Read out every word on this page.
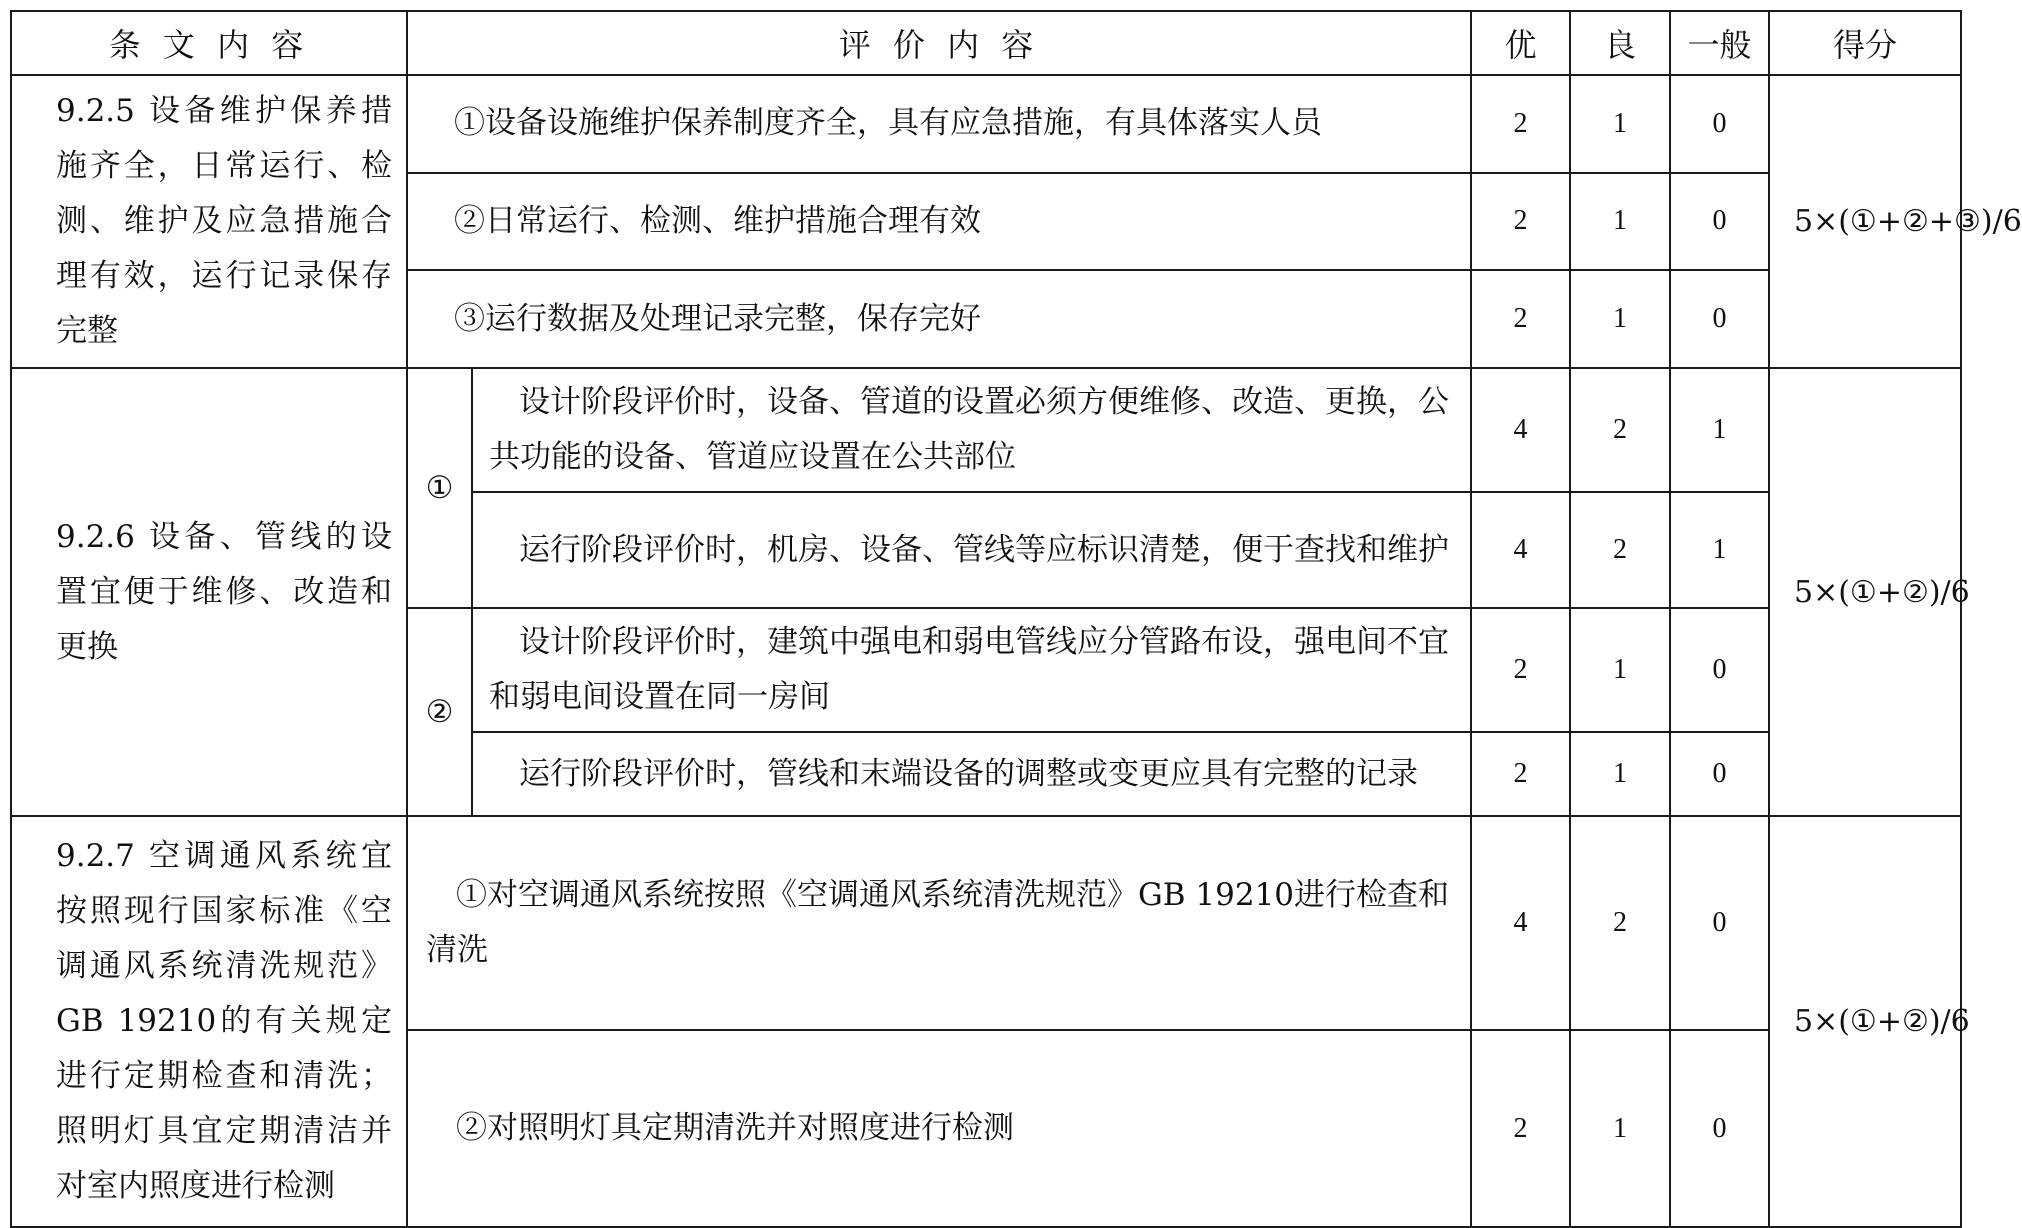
条 文 内 容	评 价 内 容		优	良	一般	得分

9.2.5 设备维护保养措施齐全，日常运行、检测、维护及应急措施合理有效，运行记录保存完整	①设备设施维护保养制度齐全，具有应急措施，有具体落实人员		2	1	0	5×(①+②+③)/6

	②日常运行、检测、维护措施合理有效		2	1	0	
	③运行数据及处理记录完整，保存完好		2	1	0	

9.2.6 设备、管线的设置宜便于维修、改造和更换	①	设计阶段评价时，设备、管道的设置必须方便维修、改造、更换，公共功能的设备、管道应设置在公共部位	4	2	1	5×(①+②)/6

		运行阶段评价时，机房、设备、管线等应标识清楚，便于查找和维护	4	2	1	
	②	设计阶段评价时，建筑中强电和弱电管线应分管路布设，强电间不宜和弱电间设置在同一房间	2	1	0	
		运行阶段评价时，管线和末端设备的调整或变更应具有完整的记录	2	1	0	

9.2.7 空调通风系统宜按照现行国家标准《空调通风系统清洗规范》GB 19210的有关规定进行定期检查和清洗；照明灯具宜定期清洁并对室内照度进行检测	①对空调通风系统按照《空调通风系统清洗规范》GB 19210进行检查和清洗		4	2	0	5×(①+②)/6

	②对照明灯具定期清洗并对照度进行检测		2	1	0	
